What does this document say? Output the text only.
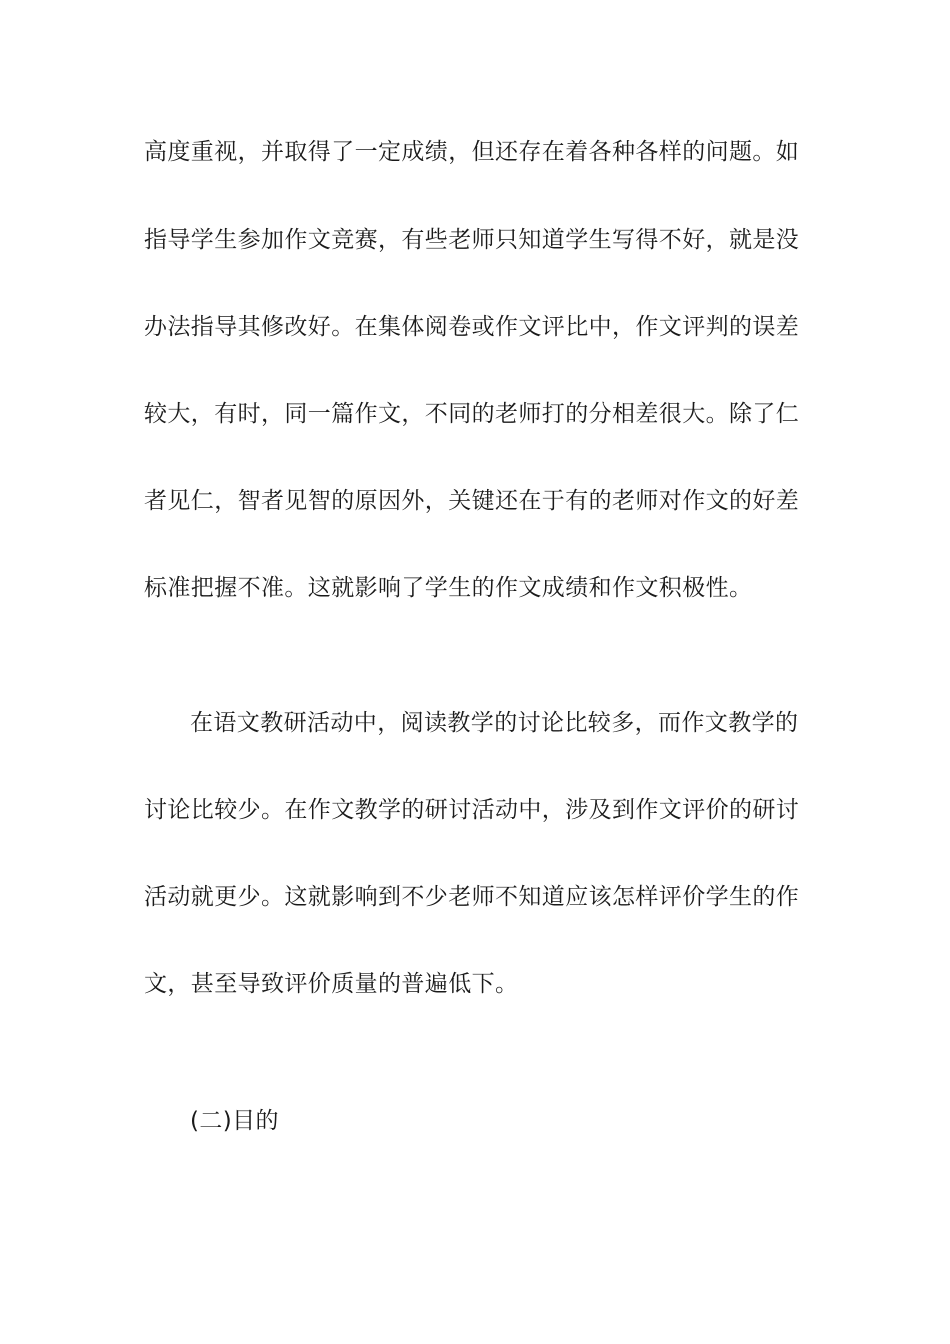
高度重视，并取得了一定成绩，但还存在着各种各样的问题。如
指导学生参加作文竞赛，有些老师只知道学生写得不好，就是没
办法指导其修改好。在集体阅卷或作文评比中，作文评判的误差
较大，有时，同一篇作文，不同的老师打的分相差很大。除了仁
者见仁，智者见智的原因外，关键还在于有的老师对作文的好差
标准把握不准。这就影响了学生的作文成绩和作文积极性。
在语文教研活动中，阅读教学的讨论比较多，而作文教学的
讨论比较少。在作文教学的研讨活动中，涉及到作文评价的研讨
活动就更少。这就影响到不少老师不知道应该怎样评价学生的作
文，甚至导致评价质量的普遍低下。
(二)目的
